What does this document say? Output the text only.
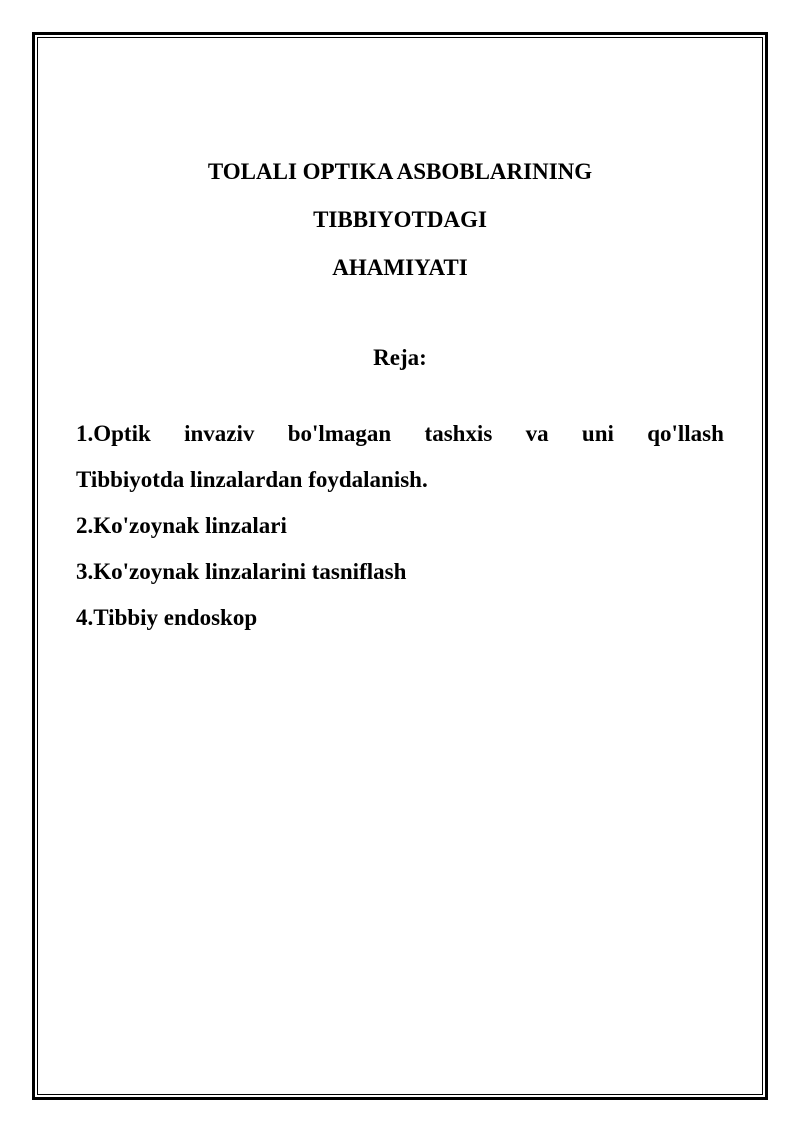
TOLALI OPTIKA ASBOBLARINING
TIBBIYOTDAGI
AHAMIYATI
Reja:
1.Optik invaziv bo'lmagan tashxis va uni qo'llash
Tibbiyotda linzalardan foydalanish.
2.Ko'zoynak linzalari
3.Ko'zoynak linzalarini tasniflash
4.Tibbiy endoskop
